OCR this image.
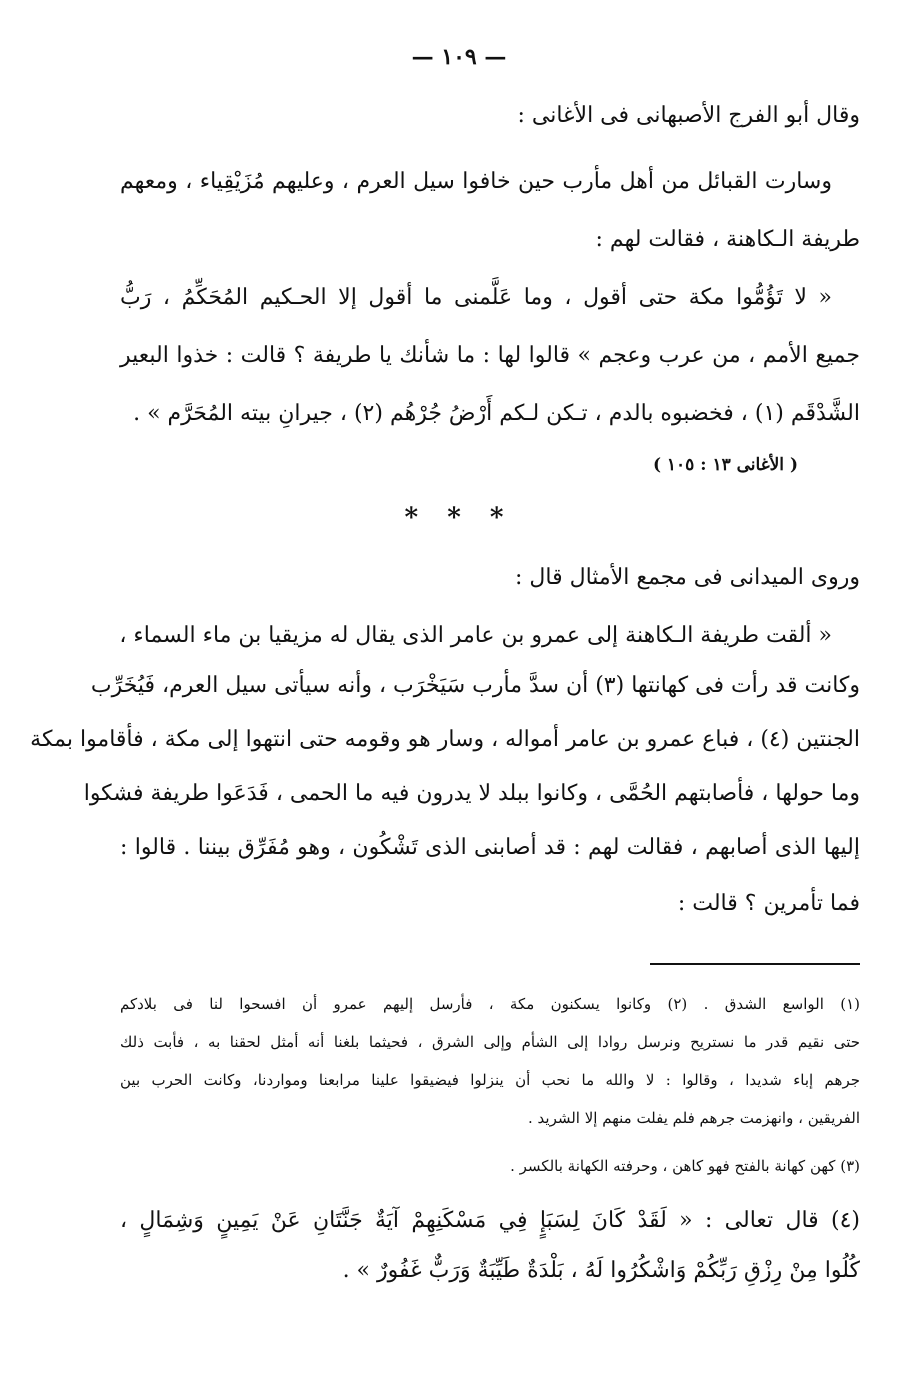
— ١٠٩ —
وقال أبو الفرج الأصبهانى فى الأغانى :
وسارت القبائل من أهل مأرب حين خافوا سيل العرم ، وعليهم مُزَيْقِياء ، ومعهم
طريفة الـكاهنة ، فقالت لهم :
« لا تَؤُمُّوا مكة حتى أقول ، وما عَلَّمنى ما أقول إلا الحـكيم المُحَكِّمُ ، رَبُّ
جميع الأمم ، من عرب وعجم » قالوا لها : ما شأنك يا طريفة ؟ قالت : خذوا البعير
الشَّدْقَم (١) ، فخضبوه بالدم ، تـكن لـكم أَرْضُ جُرْهُم (٢) ، جيرانِ بيته المُحَرَّم » .
( الأغانى ١٣ : ١٠٥ )
* * *
وروى الميدانى فى مجمع الأمثال قال :
« ألقت طريفة الـكاهنة إلى عمرو بن عامر الذى يقال له مزيقيا بن ماء السماء ،
وكانت قد رأت فى كهانتها (٣) أن سدَّ مأرب سَيَخْرَب ، وأنه سيأتى سيل العرم، فَيُخَرِّب
الجنتين (٤) ، فباع عمرو بن عامر أمواله ، وسار هو وقومه حتى انتهوا إلى مكة ، فأقاموا بمكة
وما حولها ، فأصابتهم الحُمَّى ، وكانوا ببلد لا يدرون فيه ما الحمى ، فَدَعَوا طريفة فشكوا
إليها الذى أصابهم ، فقالت لهم : قد أصابنى الذى تَشْكُون ، وهو مُفَرِّق بيننا . قالوا :
فما تأمرين ؟ قالت :
(١) الواسع الشدق . (٢) وكانوا يسكنون مكة ، فأرسل إليهم عمرو أن افسحوا لنا فى بلادكم
حتى نقيم قدر ما نستريح ونرسل روادا إلى الشأم وإلى الشرق ، فحيثما بلغنا أنه أمثل لحقنا به ، فأبت ذلك
جرهم إباء شديدا ، وقالوا : لا والله ما نحب أن ينزلوا فيضيقوا علينا مرابعنا ومواردنا، وكانت الحرب بين
الفريقين ، وانهزمت جرهم فلم يفلت منهم إلا الشريد .
(٣) كهن كهانة بالفتح فهو كاهن ، وحرفته الكهانة بالكسر .
(٤) قال تعالى : « لَقَدْ كَانَ لِسَبَإٍ فِي مَسْكَنِهِمْ آيَةٌ جَنَّتَانِ عَنْ يَمِينٍ وَشِمَالٍ ،
كُلُوا مِنْ رِزْقِ رَبِّكُمْ وَاشْكُرُوا لَهُ ، بَلْدَةٌ طَيِّبَةٌ وَرَبٌّ غَفُورٌ » .
